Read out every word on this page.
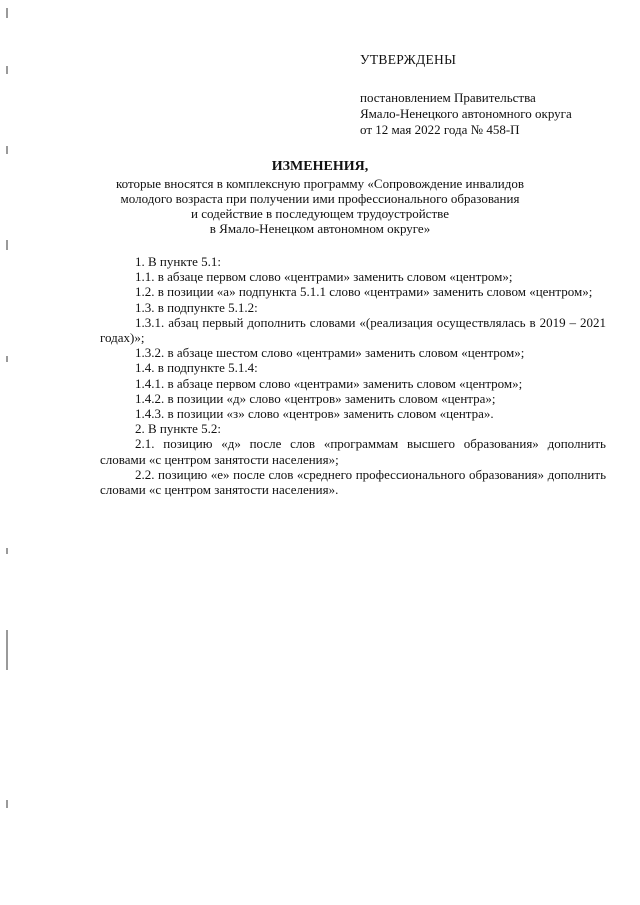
УТВЕРЖДЕНЫ

постановлением Правительства

Ямало-Ненецкого автономного округа

от 12 мая 2022 года № 458-П

ИЗМЕНЕНИЯ,

которые вносятся в комплексную программу «Сопровождение инвалидов

молодого возраста при получении ими профессионального образования

и содействие в последующем трудоустройстве

в Ямало-Ненецком автономном округе»

1. В пункте 5.1:

1.1. в абзаце первом слово «центрами» заменить словом «центром»;

1.2. в позиции «а» подпункта 5.1.1 слово «центрами» заменить словом «центром»;

1.3. в подпункте 5.1.2:

1.3.1. абзац первый дополнить словами «(реализация осуществлялась в 2019 – 2021 годах)»;

1.3.2. в абзаце шестом слово «центрами» заменить словом «центром»;

1.4. в подпункте 5.1.4:

1.4.1. в абзаце первом слово «центрами» заменить словом «центром»;

1.4.2. в позиции «д» слово «центров» заменить словом «центра»;

1.4.3. в позиции «з» слово «центров» заменить словом «центра».

2. В пункте 5.2:

2.1. позицию «д» после слов «программам высшего образования» дополнить словами «с центром занятости населения»;

2.2. позицию «е» после слов «среднего профессионального образования» дополнить словами «с центром занятости населения».
